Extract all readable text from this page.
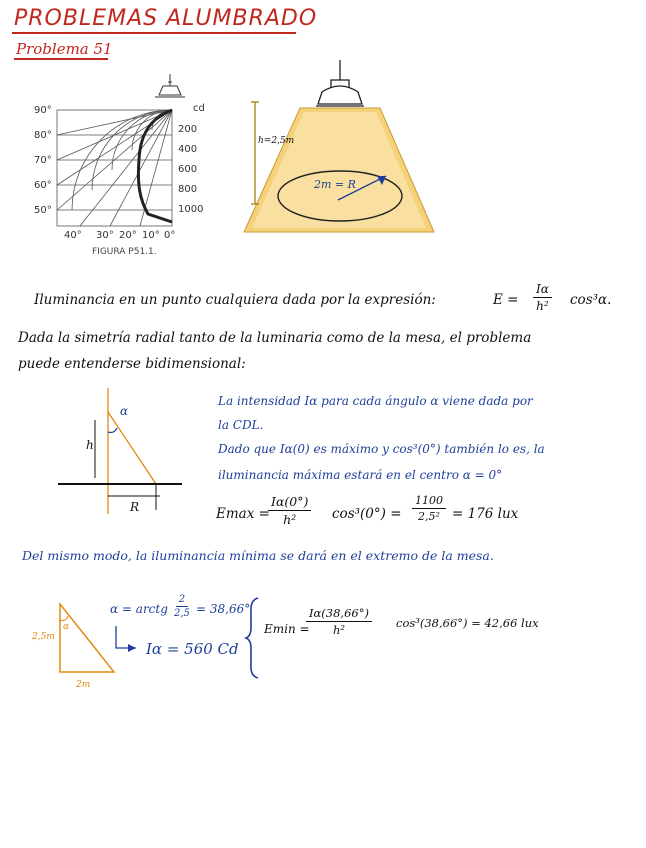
PROBLEMAS ALUMBRADO
Problema 51
90°
80°
70°
60°
50°
cd
200
400
600
800
1000
40° 30° 20° 10° 0°
FIGURA P51.1.
h=2,5m
2m = R
Iluminancia en un punto cualquiera dada por la expresión:	$E = \frac{I\alpha}{\text{h²}} \cos^3\alpha$.
Dada la simetría radial tanto de la luminaria como de la mesa, el problema
puede entenderse bidimensional:
α
h
R
La intensidad Iα para cada ángulo α viene dada por
la CDL.
Dado que Iα(0) es máximo y cos³(0°) también lo es, la
iluminancia máxima estará en el centro α = 0°
Emax =
$\frac{I\alpha(0^\circ)}{\text{h²}} \cos^3(0^\circ) = \frac{1100}{\text{2,5²}} = 176$ lux
Del mismo modo, la iluminancia mínima se dará en el extremo de la mesa.
2,5m
2m
α
α = arctg $\frac{2}{2,5} = 38,66^\circ$
Iα = 560 Cd
Emin =
$\frac{I\alpha(38,66^\circ)}{\text{h²}} \cos^3(38,66^\circ) = 42,66$ lux
